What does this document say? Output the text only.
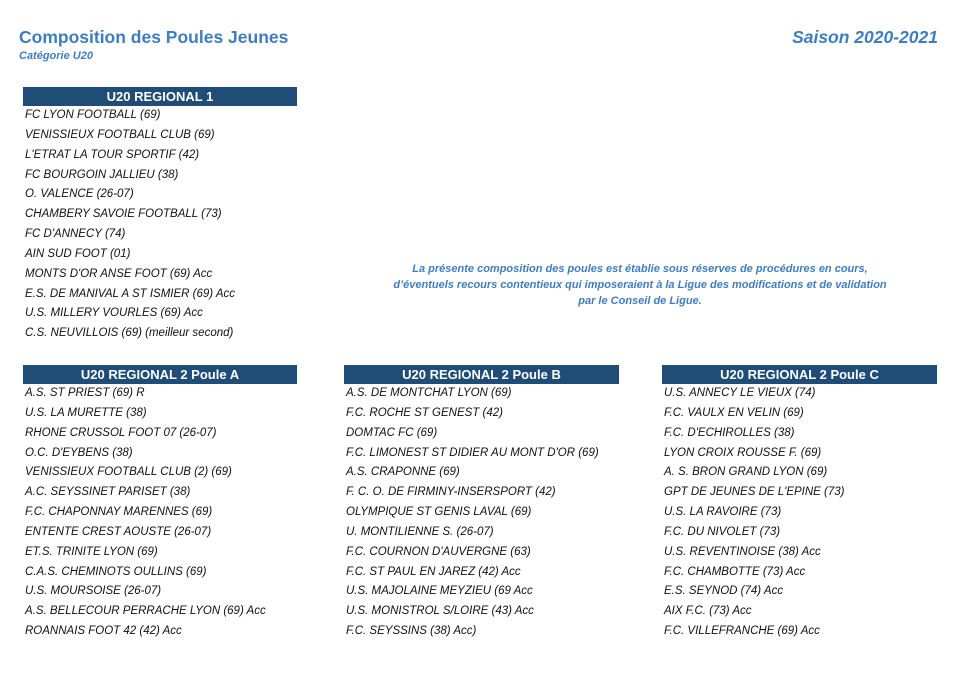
Composition des Poules Jeunes
Catégorie U20
Saison 2020-2021
U20 REGIONAL 1
FC LYON FOOTBALL (69)
VENISSIEUX FOOTBALL CLUB (69)
L'ETRAT LA TOUR SPORTIF (42)
FC BOURGOIN JALLIEU (38)
O. VALENCE (26-07)
CHAMBERY SAVOIE FOOTBALL (73)
FC D'ANNECY (74)
AIN SUD FOOT (01)
MONTS D'OR ANSE FOOT (69) Acc
E.S. DE MANIVAL A ST ISMIER (69) Acc
U.S. MILLERY VOURLES (69) Acc
C.S. NEUVILLOIS (69) (meilleur second)
La présente composition des poules est établie sous réserves de procédures en cours,
d’éventuels recours contentieux qui imposeraient à la Ligue des modifications et de validation
par le Conseil de Ligue.
U20 REGIONAL 2 Poule A
A.S. ST PRIEST (69) R
U.S. LA MURETTE (38)
RHONE CRUSSOL FOOT 07 (26-07)
O.C. D'EYBENS (38)
VENISSIEUX FOOTBALL CLUB (2) (69)
A.C. SEYSSINET PARISET (38)
F.C. CHAPONNAY MARENNES (69)
ENTENTE CREST AOUSTE (26-07)
ET.S. TRINITE LYON (69)
C.A.S. CHEMINOTS OULLINS (69)
U.S. MOURSOISE (26-07)
A.S. BELLECOUR PERRACHE LYON (69) Acc
ROANNAIS FOOT 42 (42) Acc
U20 REGIONAL 2 Poule B
A.S. DE MONTCHAT LYON (69)
F.C. ROCHE ST GENEST (42)
DOMTAC FC (69)
F.C. LIMONEST ST DIDIER AU MONT D'OR (69)
A.S. CRAPONNE (69)
F. C. O. DE FIRMINY-INSERSPORT (42)
OLYMPIQUE ST GENIS LAVAL (69)
U. MONTILIENNE S. (26-07)
F.C. COURNON D'AUVERGNE (63)
F.C. ST PAUL EN JAREZ (42) Acc
U.S. MAJOLAINE MEYZIEU (69 Acc
U.S. MONISTROL S/LOIRE (43) Acc
F.C. SEYSSINS (38) Acc)
U20 REGIONAL 2 Poule C
U.S. ANNECY LE VIEUX (74)
F.C. VAULX EN VELIN (69)
F.C. D'ECHIROLLES (38)
LYON CROIX ROUSSE F. (69)
A. S. BRON GRAND LYON (69)
GPT DE JEUNES DE L'EPINE (73)
U.S. LA RAVOIRE (73)
F.C. DU NIVOLET (73)
U.S. REVENTINOISE (38) Acc
F.C. CHAMBOTTE (73) Acc
E.S. SEYNOD (74) Acc
AIX F.C. (73) Acc
F.C. VILLEFRANCHE (69) Acc
